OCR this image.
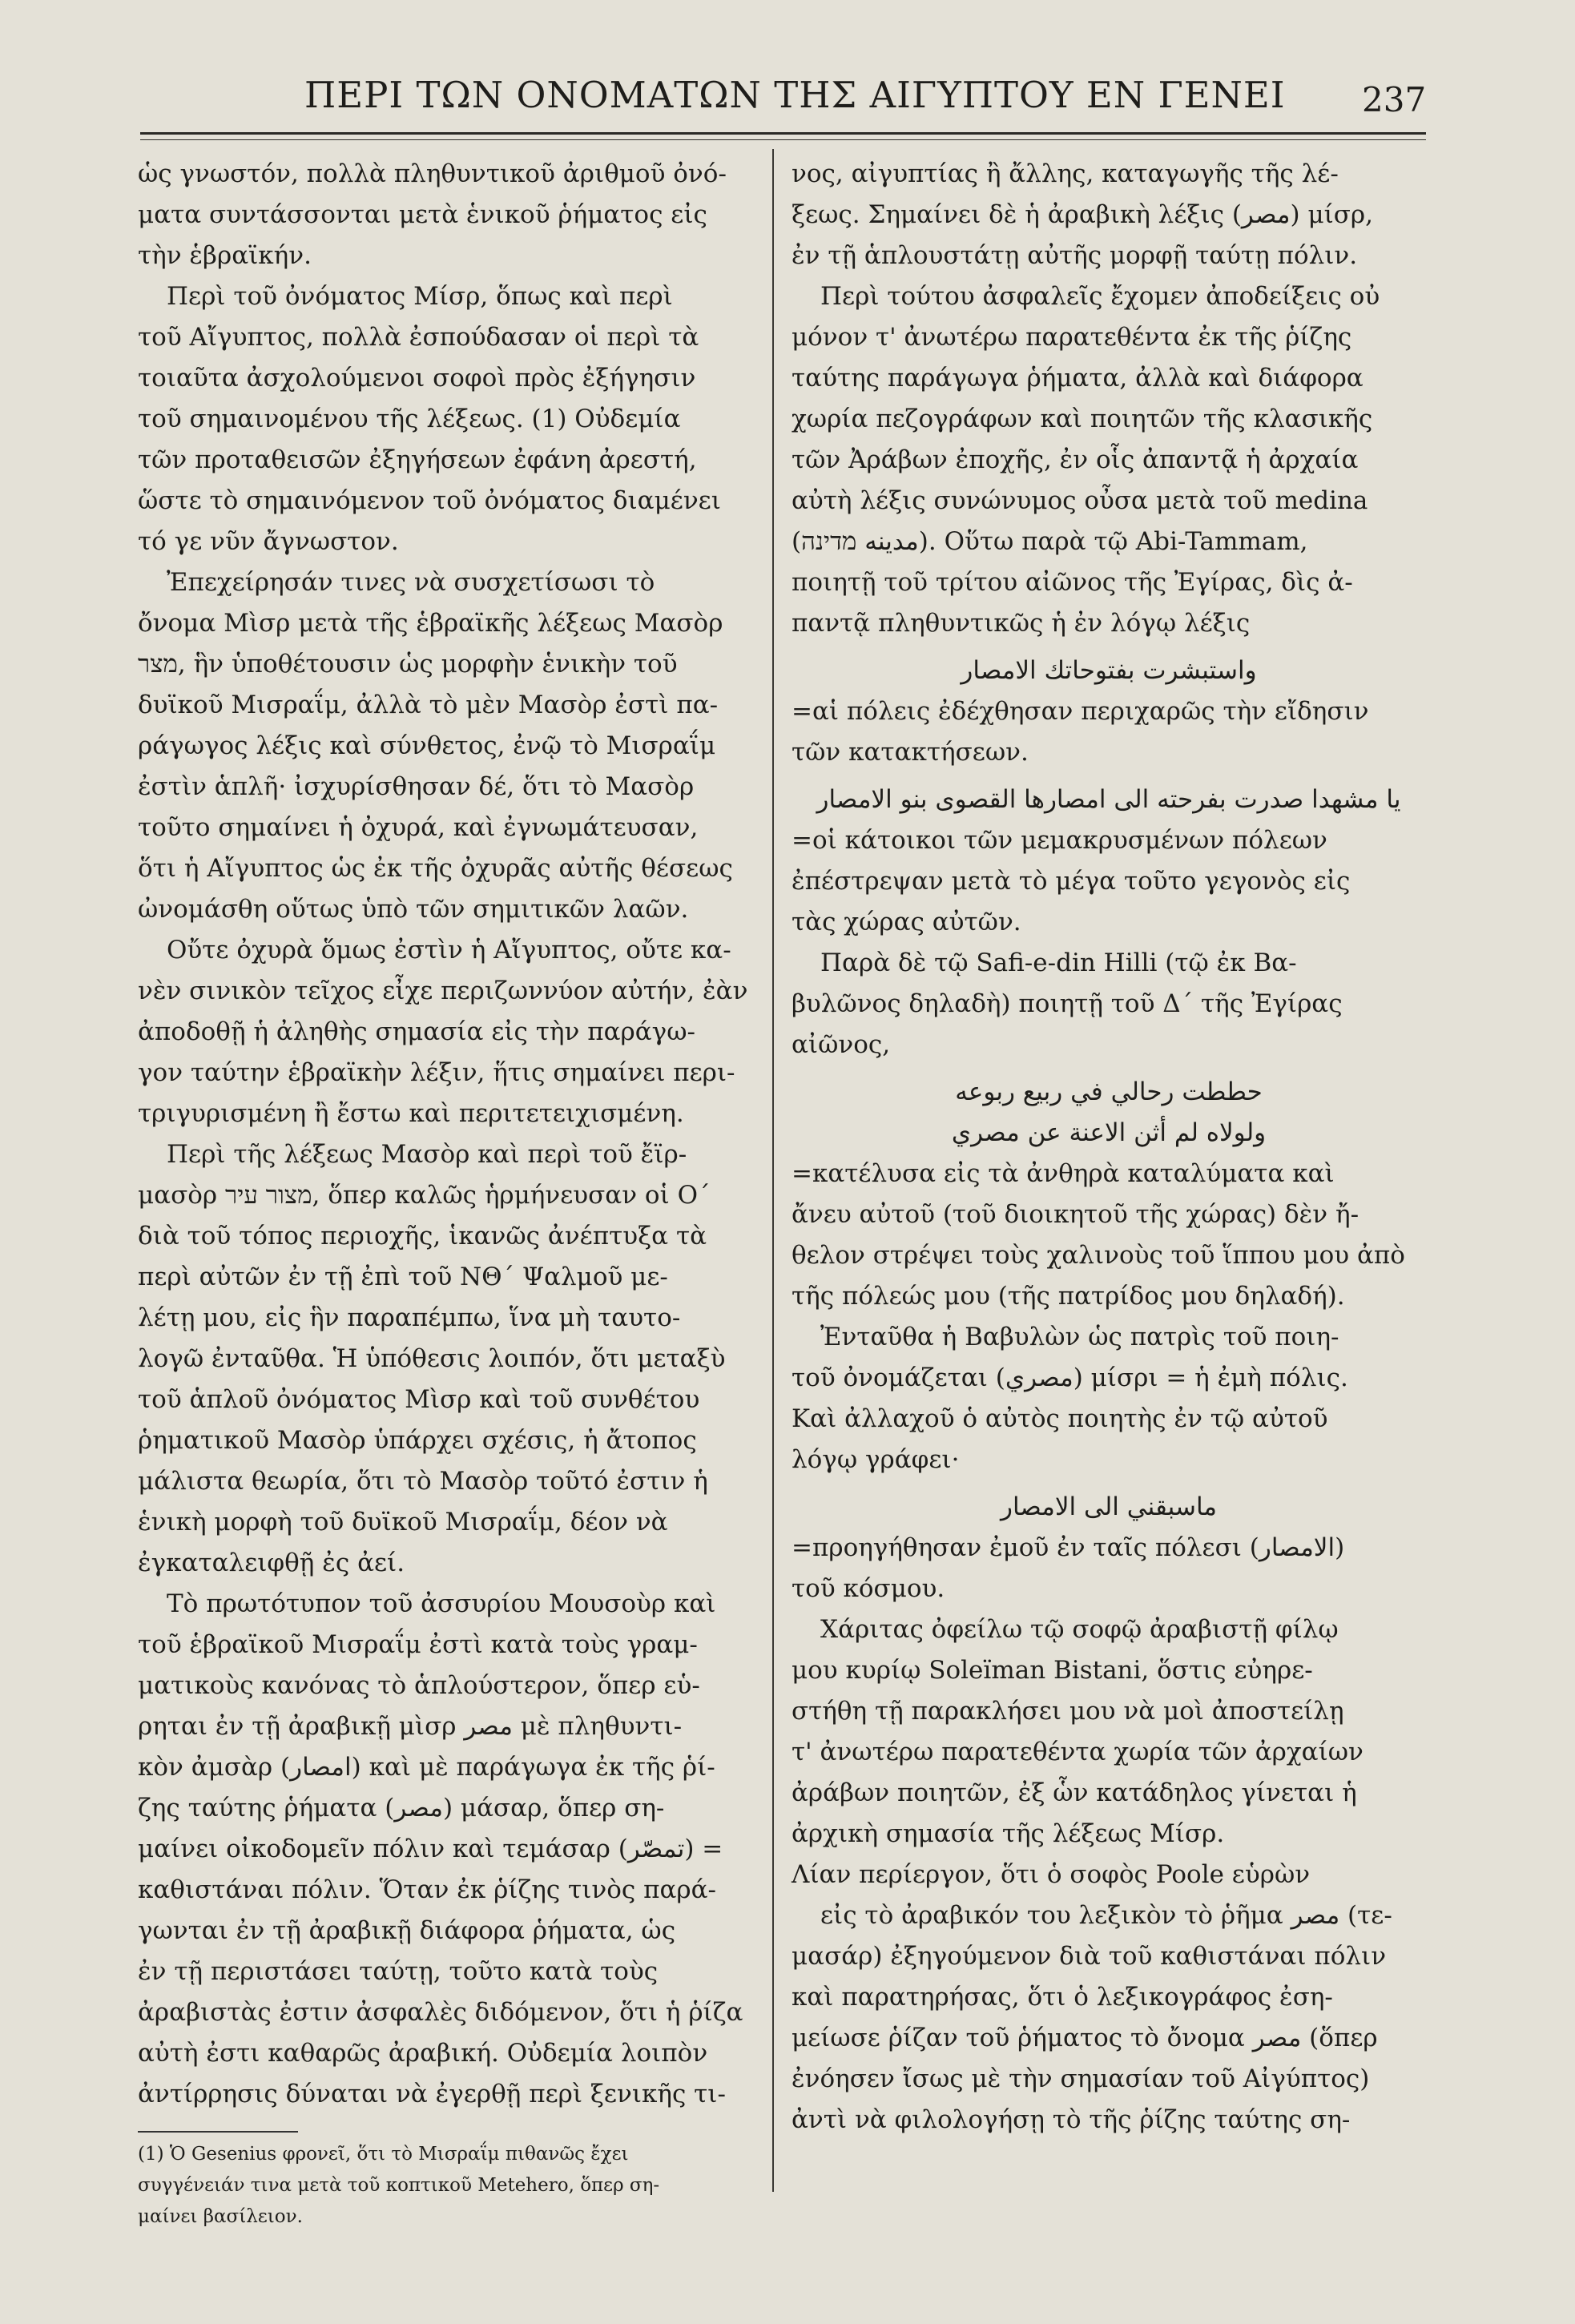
ΠΕΡΙ ΤΩΝ ΟΝΟΜΑΤΩΝ ΤΗΣ ΑΙΓΥΠΤΟΥ ΕΝ ΓΕΝΕΙ 237
ὡς γνωστόν, πολλὰ πληθυντικοῦ ἀριθμοῦ ὀνό-
ματα συντάσσονται μετὰ ἑνικοῦ ῥήματος εἰς
τὴν ἑβραϊκήν.
Περὶ τοῦ ὀνόματος Μίσρ, ὅπως καὶ περὶ
τοῦ Αἴγυπτος, πολλὰ ἐσπούδασαν οἱ περὶ τὰ
τοιαῦτα ἀσχολούμενοι σοφοὶ πρὸς ἐξήγησιν
τοῦ σημαινομένου τῆς λέξεως. (1) Οὐδεμία
τῶν προταθεισῶν ἐξηγήσεων ἐφάνη ἀρεστή,
ὥστε τὸ σημαινόμενον τοῦ ὀνόματος διαμένει
τό γε νῦν ἄγνωστον.
Ἐπεχείρησάν τινες νὰ συσχετίσωσι τὸ
ὄνομα Μὶσρ μετὰ τῆς ἑβραϊκῆς λέξεως Μασὸρ
מצר, ἣν ὑποθέτουσιν ὡς μορφὴν ἑνικὴν τοῦ
δυϊκοῦ Μισραΐμ, ἀλλὰ τὸ μὲν Μασὸρ ἐστὶ πα-
ράγωγος λέξις καὶ σύνθετος, ἐνῷ τὸ Μισραΐμ
ἐστὶν ἁπλῆ· ἰσχυρίσθησαν δέ, ὅτι τὸ Μασὸρ
τοῦτο σημαίνει ἡ ὀχυρά, καὶ ἐγνωμάτευσαν,
ὅτι ἡ Αἴγυπτος ὡς ἐκ τῆς ὀχυρᾶς αὐτῆς θέσεως
ὠνομάσθη οὕτως ὑπὸ τῶν σημιτικῶν λαῶν.
Οὔτε ὀχυρὰ ὅμως ἐστὶν ἡ Αἴγυπτος, οὔτε κα-
νὲν σινικὸν τεῖχος εἶχε περιζωννύον αὐτήν, ἐὰν
ἀποδοθῇ ἡ ἀληθὴς σημασία εἰς τὴν παράγω-
γον ταύτην ἑβραϊκὴν λέξιν, ἥτις σημαίνει περι-
τριγυρισμένη ἢ ἔστω καὶ περιτετειχισμένη.
Περὶ τῆς λέξεως Μασὸρ καὶ περὶ τοῦ ἔϊρ-
μασὸρ מצור עיר, ὅπερ καλῶς ἡρμήνευσαν οἱ Ο΄
διὰ τοῦ τόπος περιοχῆς, ἱκανῶς ἀνέπτυξα τὰ
περὶ αὐτῶν ἐν τῇ ἐπὶ τοῦ ΝΘ΄ Ψαλμοῦ με-
λέτῃ μου, εἰς ἣν παραπέμπω, ἵνα μὴ ταυτο-
λογῶ ἐνταῦθα. Ἡ ὑπόθεσις λοιπόν, ὅτι μεταξὺ
τοῦ ἁπλοῦ ὀνόματος Μὶσρ καὶ τοῦ συνθέτου
ῥηματικοῦ Μασὸρ ὑπάρχει σχέσις, ἡ ἄτοπος
μάλιστα θεωρία, ὅτι τὸ Μασὸρ τοῦτό ἐστιν ἡ
ἑνικὴ μορφὴ τοῦ δυϊκοῦ Μισραΐμ, δέον νὰ
ἐγκαταλειφθῇ ἐς ἀεί.
Τὸ πρωτότυπον τοῦ ἀσσυρίου Μουσοὺρ καὶ
τοῦ ἑβραϊκοῦ Μισραΐμ ἐστὶ κατὰ τοὺς γραμ-
ματικοὺς κανόνας τὸ ἁπλούστερον, ὅπερ εὑ-
ρηται ἐν τῇ ἀραβικῇ μὶσρ مصر μὲ πληθυντι-
κὸν ἀμσὰρ (امصار) καὶ μὲ παράγωγα ἐκ τῆς ῥί-
ζης ταύτης ῥήματα (مصر) μάσαρ, ὅπερ ση-
μαίνει οἰκοδομεῖν πόλιν καὶ τεμάσαρ (تمصّر) =
καθιστάναι πόλιν. Ὅταν ἐκ ῥίζης τινὸς παρά-
γωνται ἐν τῇ ἀραβικῇ διάφορα ῥήματα, ὡς
ἐν τῇ περιστάσει ταύτῃ, τοῦτο κατὰ τοὺς
ἀραβιστὰς ἐστιν ἀσφαλὲς διδόμενον, ὅτι ἡ ῥίζα
αὐτὴ ἐστι καθαρῶς ἀραβική. Οὐδεμία λοιπὸν
ἀντίρρησις δύναται νὰ ἐγερθῇ περὶ ξενικῆς τι-
(1) Ὁ Gesenius φρονεῖ, ὅτι τὸ Μισραΐμ πιθανῶς ἔχει
συγγένειάν τινα μετὰ τοῦ κοπτικοῦ Metehero, ὅπερ ση-
μαίνει βασίλειον.
νος, αἰγυπτίας ἢ ἄλλης, καταγωγῆς τῆς λέ-
ξεως. Σημαίνει δὲ ἡ ἀραβικὴ λέξις (مصر) μίσρ,
ἐν τῇ ἁπλουστάτῃ αὐτῆς μορφῇ ταύτῃ πόλιν.
Περὶ τούτου ἀσφαλεῖς ἔχομεν ἀποδείξεις οὐ
μόνον τ' ἀνωτέρω παρατεθέντα ἐκ τῆς ῥίζης
ταύτης παράγωγα ῥήματα, ἀλλὰ καὶ διάφορα
χωρία πεζογράφων καὶ ποιητῶν τῆς κλασικῆς
τῶν Ἀράβων ἐποχῆς, ἐν οἷς ἀπαντᾷ ἡ ἀρχαία
αὐτὴ λέξις συνώνυμος οὖσα μετὰ τοῦ medina
(مدينه מדינה). Οὕτω παρὰ τῷ Abi-Tammam,
ποιητῇ τοῦ τρίτου αἰῶνος τῆς Ἐγίρας, δὶς ἀ-
παντᾷ πληθυντικῶς ἡ ἐν λόγῳ λέξις
واستبشرت بفتوحاتك الامصار
=αἱ πόλεις ἐδέχθησαν περιχαρῶς τὴν εἴδησιν
τῶν κατακτήσεων.
يا مشهدا صدرت بفرحته الى امصارها القصوى بنو الامصار
=οἱ κάτοικοι τῶν μεμακρυσμένων πόλεων
ἐπέστρεψαν μετὰ τὸ μέγα τοῦτο γεγονὸς εἰς
τὰς χώρας αὐτῶν.
Παρὰ δὲ τῷ Safi-e-din Hilli (τῷ ἐκ Βα-
βυλῶνος δηλαδὴ) ποιητῇ τοῦ Δ΄ τῆς Ἐγίρας
αἰῶνος,
حططت رحالي في ربيع ربوعه
ولولاه لم أثن الاعنة عن مصري
=κατέλυσα εἰς τὰ ἀνθηρὰ καταλύματα καὶ
ἄνευ αὐτοῦ (τοῦ διοικητοῦ τῆς χώρας) δὲν ἤ-
θελον στρέψει τοὺς χαλινοὺς τοῦ ἵππου μου ἀπὸ
τῆς πόλεώς μου (τῆς πατρίδος μου δηλαδή).
Ἐνταῦθα ἡ Βαβυλὼν ὡς πατρὶς τοῦ ποιη-
τοῦ ὀνομάζεται (مصري) μίσρι = ἡ ἐμὴ πόλις.
Καὶ ἀλλαχοῦ ὁ αὐτὸς ποιητὴς ἐν τῷ αὐτοῦ
λόγῳ γράφει·
ماسبقني الى الامصار
=προηγήθησαν ἐμοῦ ἐν ταῖς πόλεσι (الامصار)
τοῦ κόσμου.
Χάριτας ὀφείλω τῷ σοφῷ ἀραβιστῇ φίλῳ
μου κυρίῳ Soleïman Bistani, ὅστις εὐηρε-
στήθη τῇ παρακλήσει μου νὰ μοὶ ἀποστείλῃ
τ' ἀνωτέρω παρατεθέντα χωρία τῶν ἀρχαίων
ἀράβων ποιητῶν, ἐξ ὧν κατάδηλος γίνεται ἡ
ἀρχικὴ σημασία τῆς λέξεως Μίσρ.
Λίαν περίεργον, ὅτι ὁ σοφὸς Poole εὑρὼν
εἰς τὸ ἀραβικόν του λεξικὸν τὸ ῥῆμα مصر (τε-
μασάρ) ἐξηγούμενον διὰ τοῦ καθιστάναι πόλιν
καὶ παρατηρήσας, ὅτι ὁ λεξικογράφος ἐση-
μείωσε ῥίζαν τοῦ ῥήματος τὸ ὄνομα مصر (ὅπερ
ἐνόησεν ἴσως μὲ τὴν σημασίαν τοῦ Αἰγύπτος)
ἀντὶ νὰ φιλολογήσῃ τὸ τῆς ῥίζης ταύτης ση-
